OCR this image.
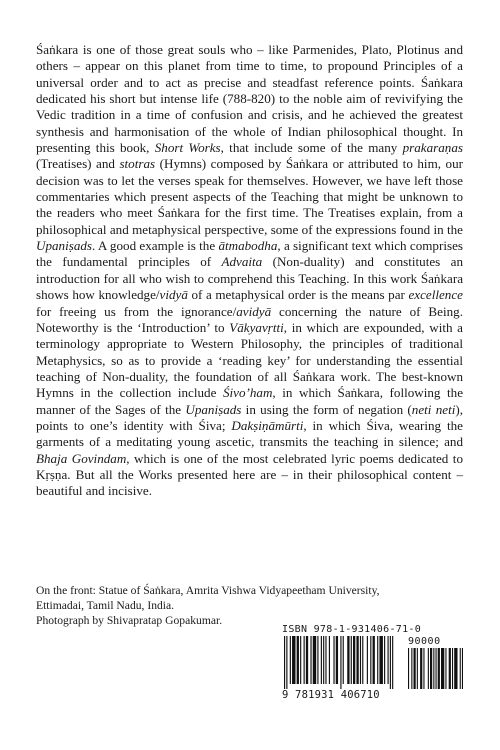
Śaṅkara is one of those great souls who – like Parmenides, Plato, Plotinus and others – appear on this planet from time to time, to propound Principles of a universal order and to act as precise and steadfast reference points. Śaṅkara dedicated his short but intense life (788-820) to the noble aim of revivifying the Vedic tradition in a time of confusion and crisis, and he achieved the greatest synthesis and harmonisation of the whole of Indian philosophical thought. In presenting this book, Short Works, that include some of the many prakaraṇas (Treatises) and stotras (Hymns) composed by Śaṅkara or attributed to him, our decision was to let the verses speak for themselves. However, we have left those commentaries which present aspects of the Teaching that might be unknown to the readers who meet Śaṅkara for the first time. The Treatises explain, from a philosophical and metaphysical perspective, some of the expressions found in the Upaniṣads. A good example is the ātmabodha, a significant text which comprises the fundamental principles of Advaita (Non-duality) and constitutes an introduction for all who wish to comprehend this Teaching. In this work Śaṅkara shows how knowledge/vidyā of a metaphysical order is the means par excellence for freeing us from the ignorance/avidyā concerning the nature of Being. Noteworthy is the ‘Introduction’ to Vākyavṛtti, in which are expounded, with a terminology appropriate to Western Philosophy, the principles of traditional Metaphysics, so as to provide a ‘reading key’ for understanding the essential teaching of Non-duality, the foundation of all Śaṅkara work. The best-known Hymns in the collection include Śivo’ham, in which Śaṅkara, following the manner of the Sages of the Upaniṣads in using the form of negation (neti neti), points to one’s identity with Śiva; Dakṣiṇāmūrti, in which Śiva, wearing the garments of a meditating young ascetic, transmits the teaching in silence; and Bhaja Govindam, which is one of the most celebrated lyric poems dedicated to Kṛṣṇa. But all the Works presented here are – in their philosophical content – beautiful and incisive.

On the front: Statue of Śaṅkara, Amrita Vishwa Vidyapeetham University,
Ettimadai, Tamil Nadu, India.
Photograph by Shivapratap Gopakumar.
ISBN 978-1-931406-71-0
90000
9 781931 406710
